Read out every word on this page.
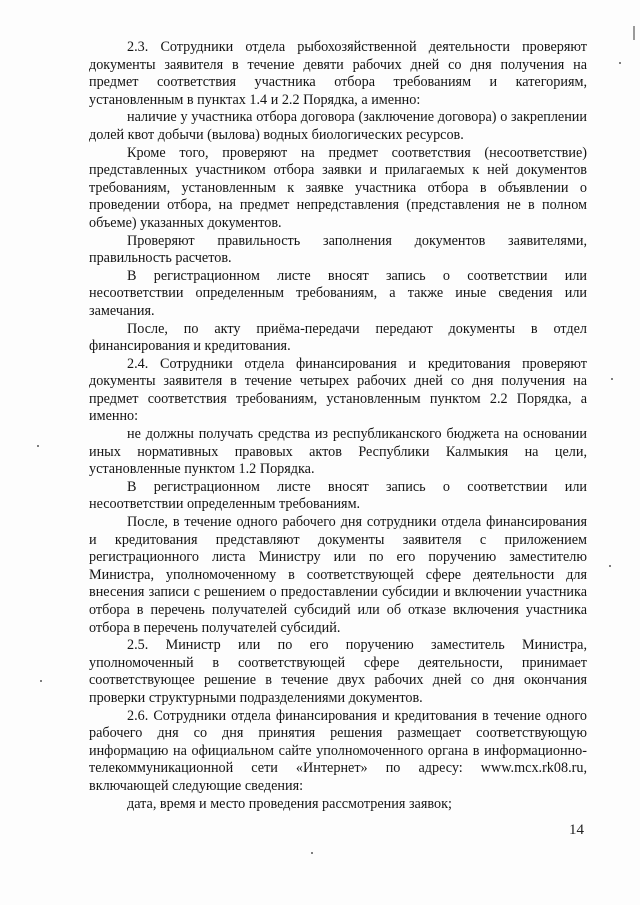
2.3. Сотрудники отдела рыбохозяйственной деятельности проверяют документы заявителя в течение девяти рабочих дней со дня получения на предмет соответствия участника отбора требованиям и категориям, установленным в пунктах 1.4 и 2.2 Порядка, а именно:

наличие у участника отбора договора (заключение договора) о закреплении долей квот добычи (вылова) водных биологических ресурсов.

Кроме того, проверяют на предмет соответствия (несоответствие) представленных участником отбора заявки и прилагаемых к ней документов требованиям, установленным к заявке участника отбора в объявлении о проведении отбора, на предмет непредставления (представления не в полном объеме) указанных документов.

Проверяют правильность заполнения документов заявителями, правильность расчетов.

В регистрационном листе вносят запись о соответствии или несоответствии определенным требованиям, а также иные сведения или замечания.

После, по акту приёма-передачи передают документы в отдел финансирования и кредитования.

2.4. Сотрудники отдела финансирования и кредитования проверяют документы заявителя в течение четырех рабочих дней со дня получения на предмет соответствия требованиям, установленным пунктом 2.2 Порядка, а именно:

не должны получать средства из республиканского бюджета на основании иных нормативных правовых актов Республики Калмыкия на цели, установленные пунктом 1.2 Порядка.

В регистрационном листе вносят запись о соответствии или несоответствии определенным требованиям.

После, в течение одного рабочего дня сотрудники отдела финансирования и кредитования представляют документы заявителя с приложением регистрационного листа Министру или по его поручению заместителю Министра, уполномоченному в соответствующей сфере деятельности для внесения записи с решением о предоставлении субсидии и включении участника отбора в перечень получателей субсидий или об отказе включения участника отбора в перечень получателей субсидий.

2.5. Министр или по его поручению заместитель Министра, уполномоченный в соответствующей сфере деятельности, принимает соответствующее решение в течение двух рабочих дней со дня окончания проверки структурными подразделениями документов.

2.6. Сотрудники отдела финансирования и кредитования в течение одного рабочего дня со дня принятия решения размещает соответствующую информацию на официальном сайте уполномоченного органа в информационно-телекоммуникационной сети «Интернет» по адресу: www.mcx.rk08.ru, включающей следующие сведения:

дата, время и место проведения рассмотрения заявок;

14
